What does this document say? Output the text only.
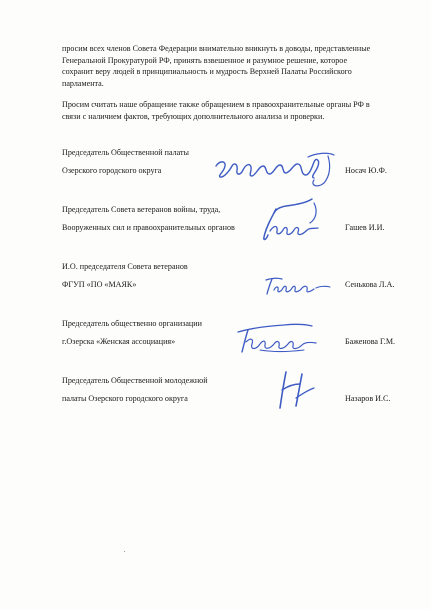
просим всех членов Совета Федерации внимательно вникнуть в доводы, представленные

Генеральной Прокуратурой РФ, принять взвешенное и разумное решение, которое

сохранит веру людей в принципиальность и мудрость Верхней Палаты Российского

парламента.

Просим считать наше обращение также обращением в правоохранительные органы РФ в

связи с наличием фактов, требующих дополнительного анализа и проверки.

Председатель Общественной палаты
Озерского городского округа	Носач Ю.Ф.
Председатель Совета ветеранов войны, труда,
Вооруженных сил и правоохранительных органов	Гашев И.И.
И.О. председателя Совета ветеранов
ФГУП «ПО «МАЯК»	Сенькова Л.А.
Председатель общественно организации
г.Озерска «Женская ассоциация»	Баженова Г.М.
Председатель Общественной молодежной
палаты Озерского городского округа	Назаров И.С.
